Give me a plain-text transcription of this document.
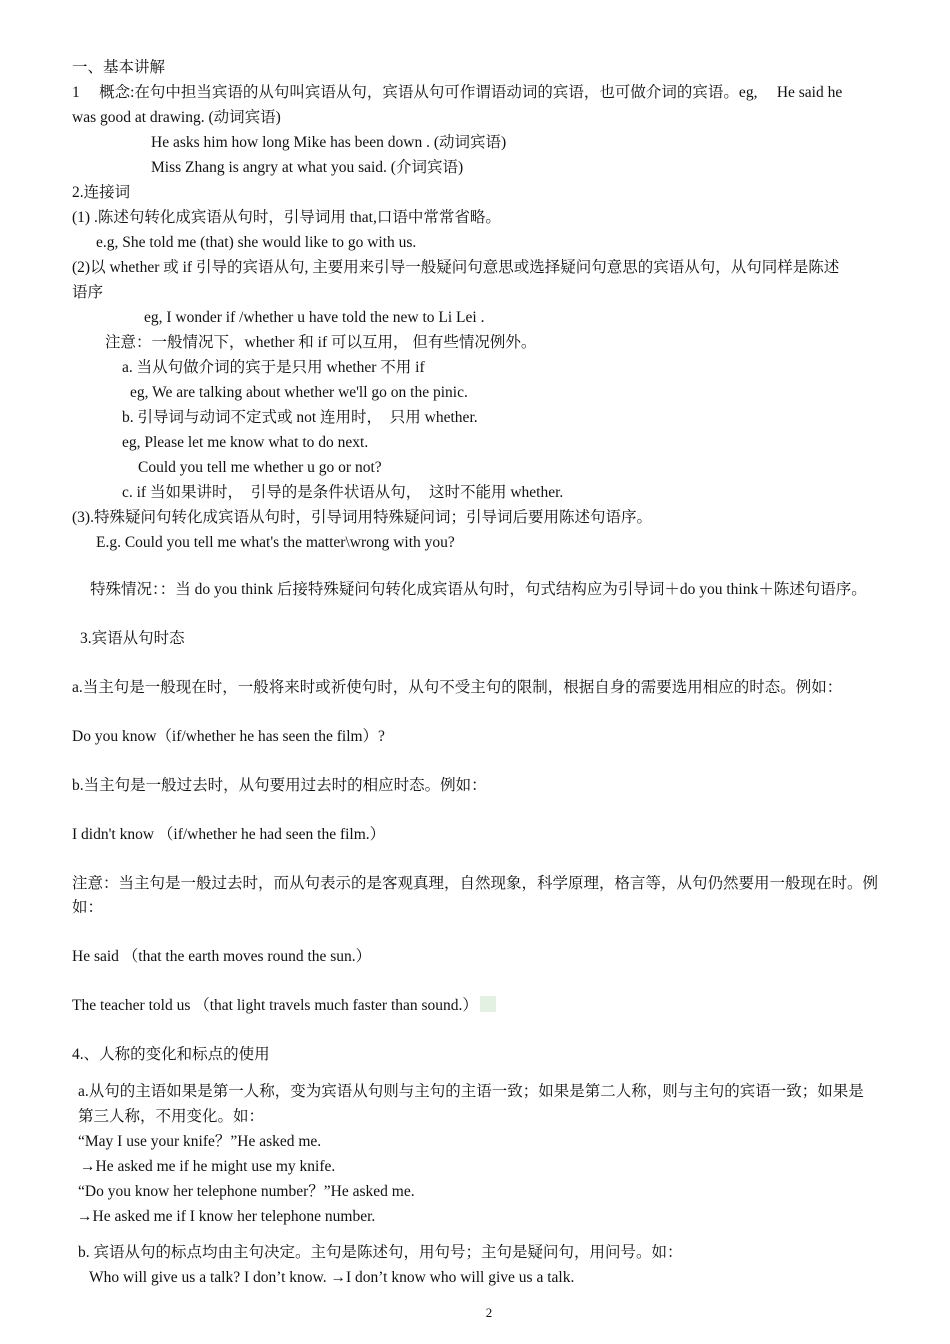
一、基本讲解
1　 概念:在句中担当宾语的从句叫宾语从句，宾语从句可作谓语动词的宾语，也可做介词的宾语。eg,　 He said he
was good at drawing. (动词宾语)
He asks him how long Mike has been down . (动词宾语)
Miss Zhang is angry at what you said. (介词宾语)
2.连接词
(1) .陈述句转化成宾语从句时，引导词用 that,口语中常常省略。
e.g, She told me (that) she would like to go with us.
(2)以 whether 或 if 引导的宾语从句, 主要用来引导一般疑问句意思或选择疑问句意思的宾语从句，从句同样是陈述
语序
eg, I wonder if /whether u have told the new to Li Lei .
注意：一般情况下，whether 和 if 可以互用， 但有些情况例外。
a. 当从句做介词的宾于是只用 whether 不用 if
eg, We are talking about whether we'll go on the pinic.
b. 引导词与动词不定式或 not 连用时，　只用 whether.
eg, Please let me know what to do next.
Could you tell me whether u go or not?
c. if 当如果讲时，　引导的是条件状语从句，　这时不能用 whether.
(3).特殊疑问句转化成宾语从句时，引导词用特殊疑问词；引导词后要用陈述句语序。
E.g. Could you tell me what's the matter\wrong with you?
特殊情况：：当 do you think 后接特殊疑问句转化成宾语从句时，句式结构应为引导词＋do you think＋陈述句语序。
3.宾语从句时态
a.当主句是一般现在时，一般将来时或祈使句时，从句不受主句的限制，根据自身的需要选用相应的时态。例如：
Do you know（if/whether he has seen the film）?
b.当主句是一般过去时，从句要用过去时的相应时态。例如：
I didn't know （if/whether he had seen the film.）
注意：当主句是一般过去时，而从句表示的是客观真理，自然现象，科学原理，格言等，从句仍然要用一般现在时。例
如：
He said （that the earth moves round the sun.）
The teacher told us （that light travels much faster than sound.）
4.、人称的变化和标点的使用
a.从句的主语如果是第一人称，变为宾语从句则与主句的主语一致；如果是第二人称，则与主句的宾语一致；如果是
第三人称，不用变化。如：
“May I use your knife？”He asked me.
→He asked me if he might use my knife.
“Do you know her telephone number？”He asked me.
→He asked me if I know her telephone number.
b. 宾语从句的标点均由主句决定。主句是陈述句，用句号；主句是疑问句，用问号。如：
Who will give us a talk? I don’t know. →I don’t know who will give us a talk.
2
